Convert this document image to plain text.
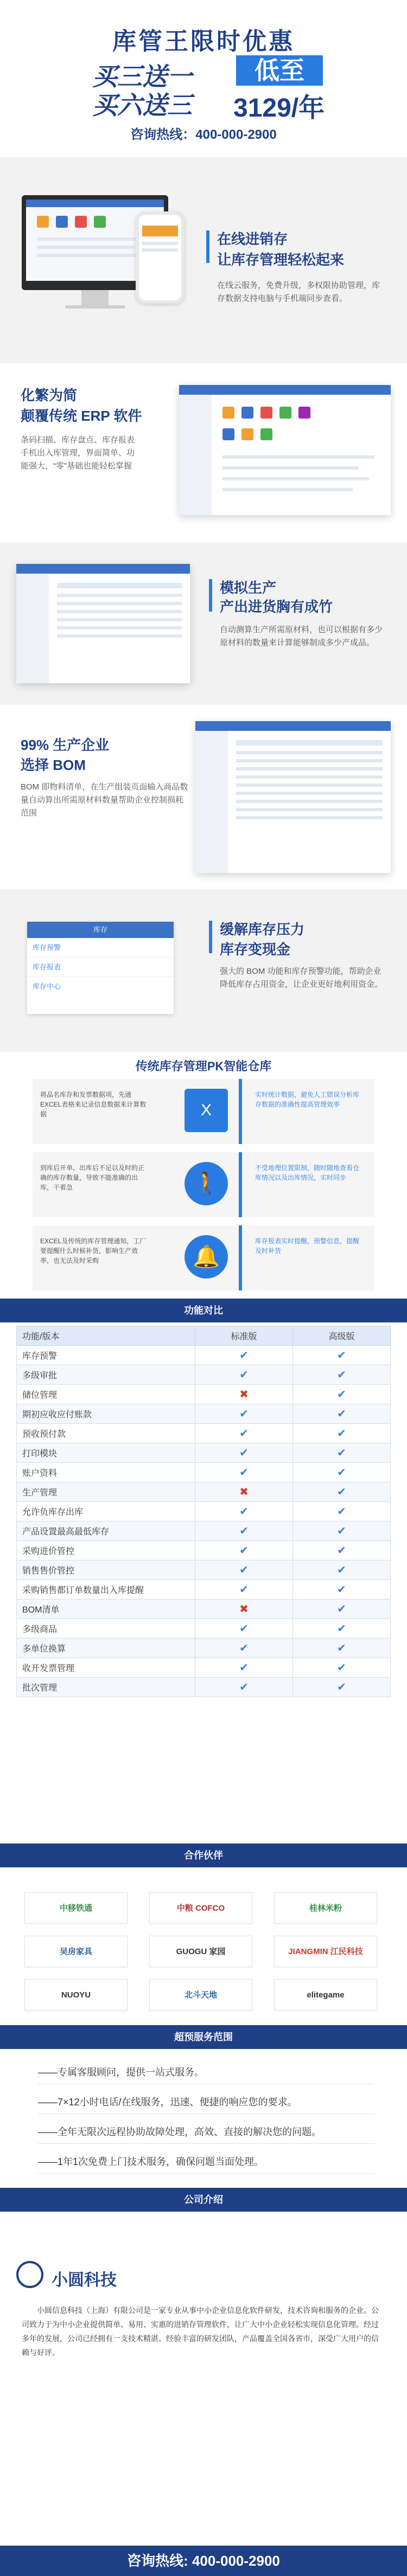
库管王限时优惠
买三送一
买六送三
低至
3129/年
咨询热线：400-000-2900
在线进销存
让库存管理轻松起来
在线云服务，免费升级，多权限协助管理，库存数据支持电脑与手机端同步查看。
化繁为简
颠覆传统 ERP 软件
条码扫描、库存盘点、库存报表手机出入库管理，界面简单、功能强大，“零”基础也能轻松掌握
模拟生产
产出进货胸有成竹
自动测算生产所需原材料，也可以根据有多少原材料的数量来计算能够制成多少产成品。
99% 生产企业
选择 BOM
BOM 即物料清单，在生产组装页面输入商品数量自动算出所需原材料数量帮助企业控制损耗范围
库存
库存预警
库存报表
库存中心
缓解库存压力
库存变现金
强大的 BOM 功能和库存预警功能，帮助企业降低库存占用资金，让企业更好地利用资金。
传统库存管理PK智能仓库
将品名库存和发票数据项，先通EXCEL表格来记录信息数据来计算数据	X
实时统计数据，避免人工错误分析库存数据的准确性提高管理效率
到库后开单、出库后不足以及时的正确的库存数量，导致不能准确的出库，干着急	🚶
不受地理位置限制，随时随地查看仓库情况以及出库情况，实时同步
EXCEL及传统的库存管理通知，工厂要提醒什么时候补货，影响生产效率，也无法及时采购	🔔
库存报表实时提醒，预警信息，提醒及时补货
功能对比
功能/版本	标准版	高级版
库存预警	✔	✔
多级审批	✔	✔
储位管理	✖	✔
期初应收应付账款	✔	✔
预收预付款	✔	✔
打印模块	✔	✔
账户资料	✔	✔
生产管理	✖	✔
允许负库存出库	✔	✔
产品设置最高最低库存	✔	✔
采购进价管控	✔	✔
销售售价管控	✔	✔
采购销售都订单数量出入库提醒	✔	✔
BOM清单	✖	✔
多级商品	✔	✔
多单位换算	✔	✔
收开发票管理	✔	✔
批次管理	✔	✔
合作伙伴
中移铁通	中粮 COFCO	桂林米粉
吴房家具	GUOGU 家园	JIANGMIN 江民科技
NUOYU	北斗天地	elitegame
超预服务范围
——专属客服顾问，提供一站式服务。
——7×12小时电话/在线服务，迅速、便捷的响应您的要求。
——全年无限次远程协助故障处理，高效、直接的解决您的问题。
——1年1次免费上门技术服务，确保问题当面处理。
公司介绍
小圆科技
小圆信息科技（上海）有限公司是一家专业从事中小企业信息化软件研发，技术咨询和服务的企业。公司致力于为中小企业提供简单、易用、实惠的进销存管理软件，让广大中小企业轻松实现信息化管理。经过多年的发展，公司已经拥有一支技术精湛、经验丰富的研发团队，产品覆盖全国各省市，深受广大用户的信赖与好评。
咨询热线: 400-000-2900
